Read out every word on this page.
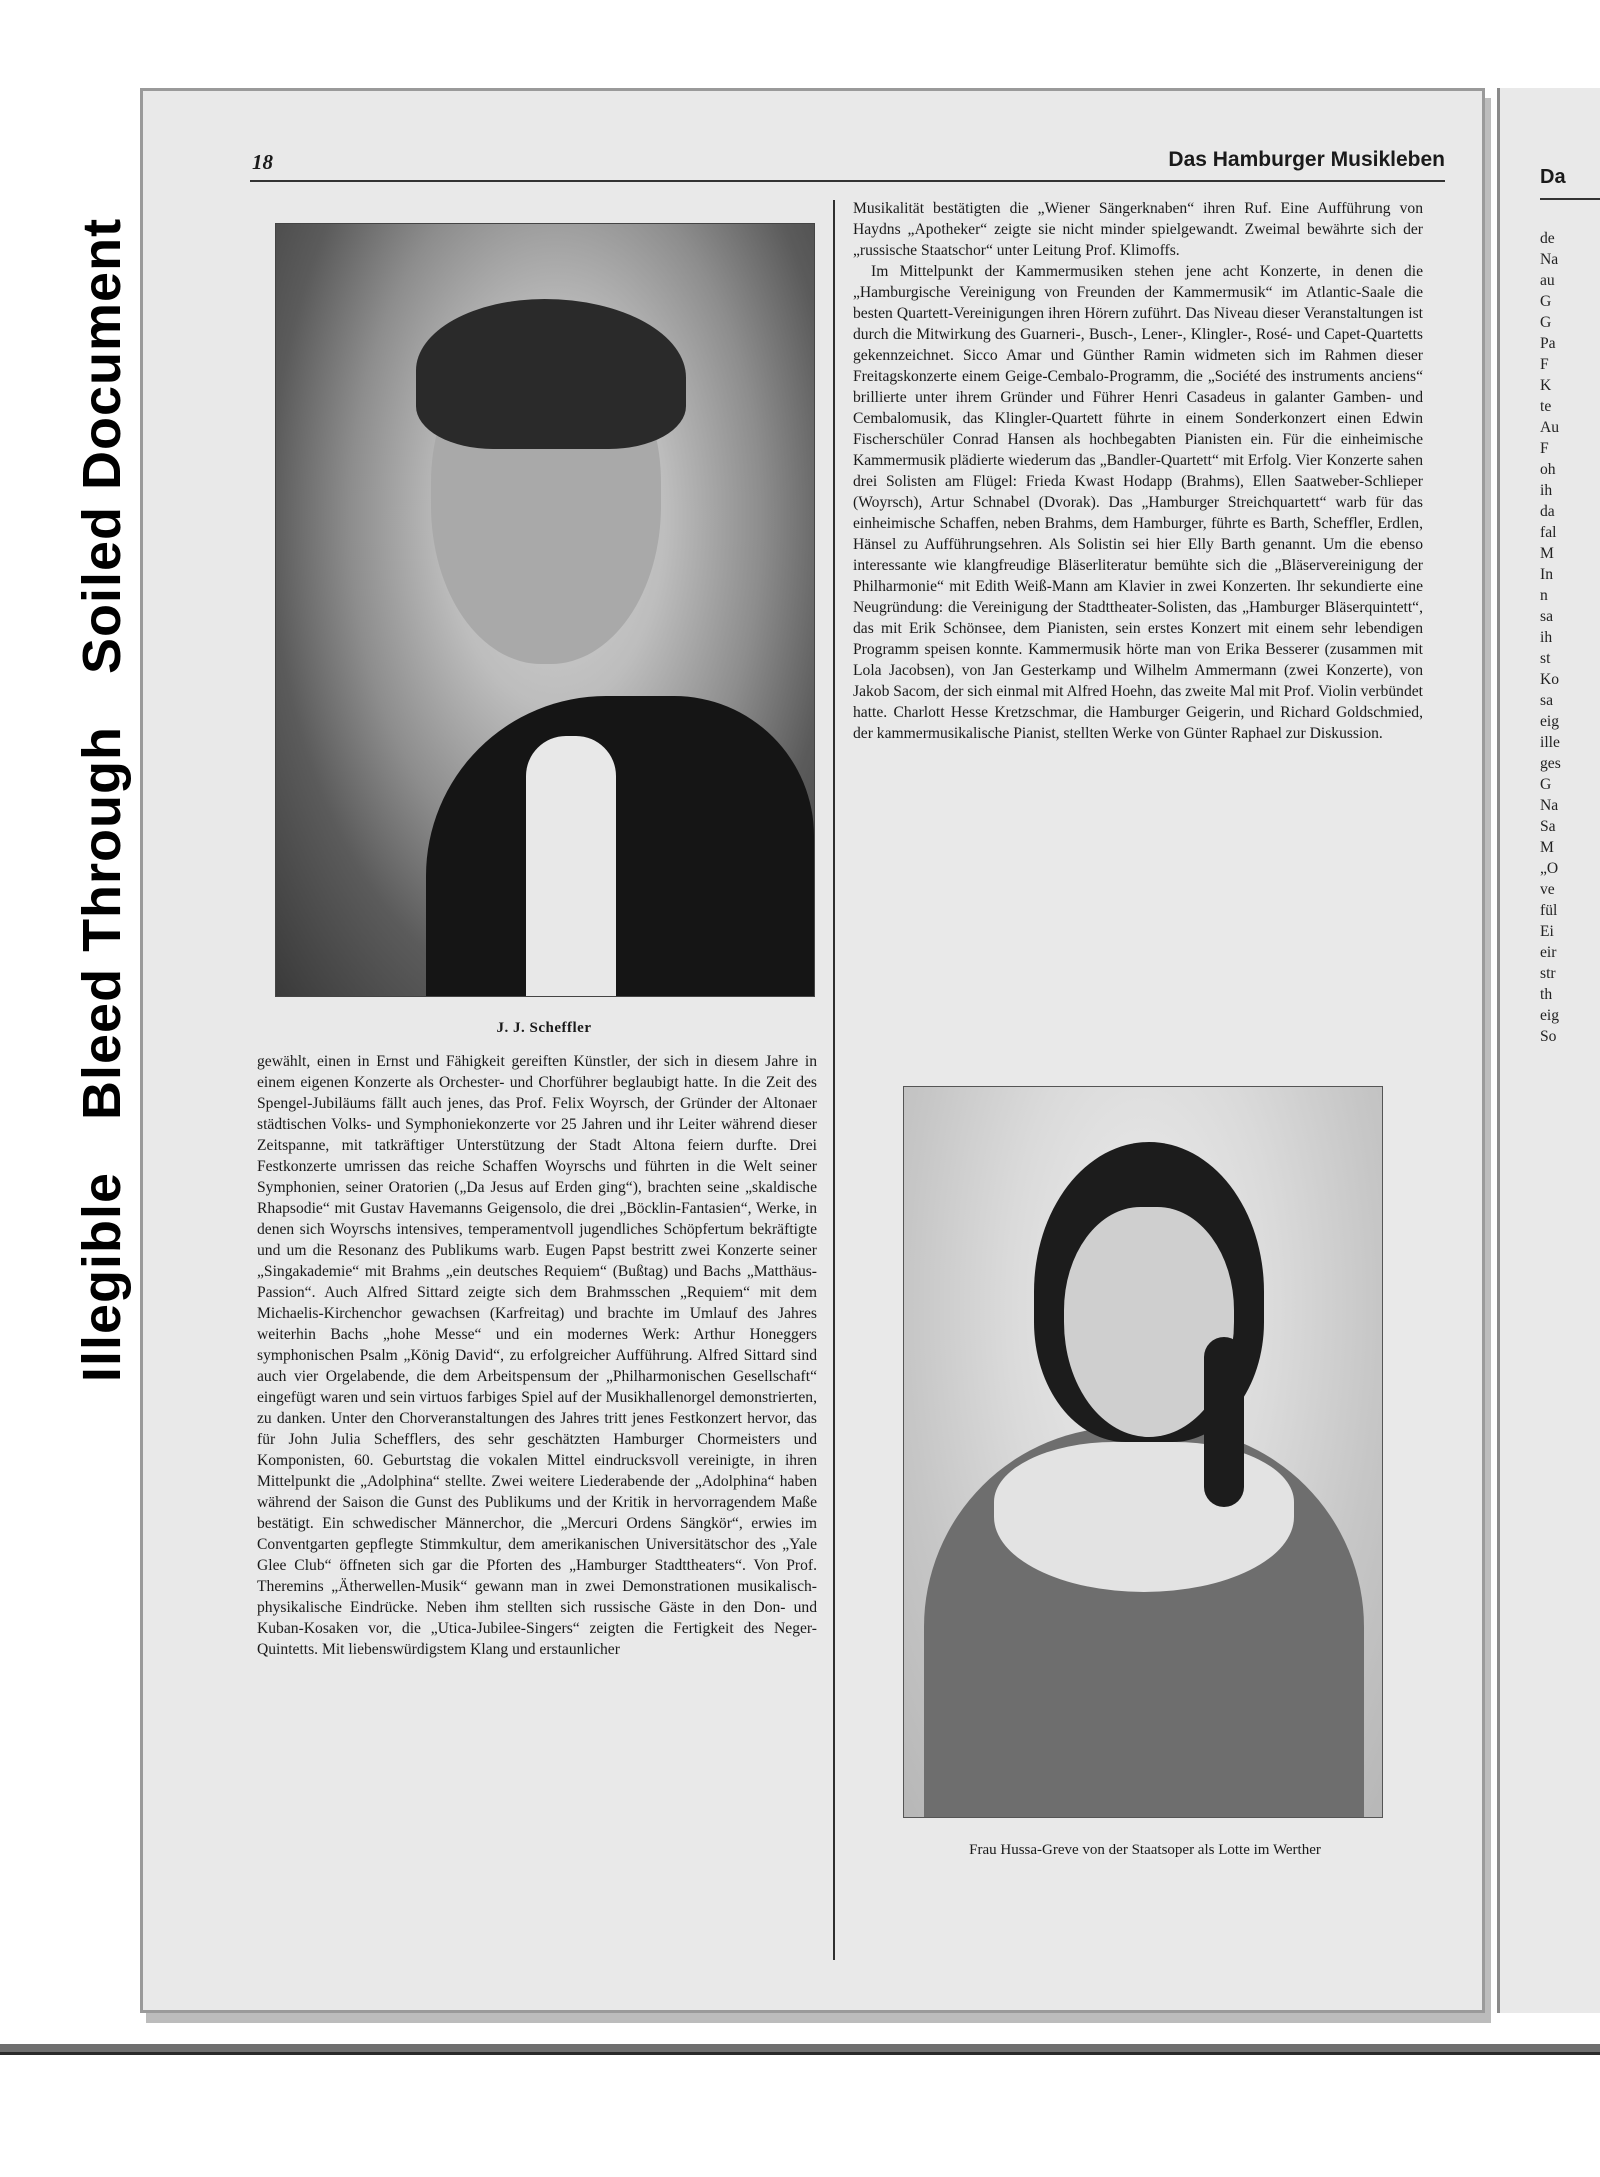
Illegible Bleed Through Soiled Document
18	Das Hamburger Musikleben
J. J. Scheffler

gewählt, einen in Ernst und Fähigkeit gereiften Künstler, der sich in diesem Jahre in einem eigenen Konzerte als Orchester- und Chorführer beglaubigt hatte. In die Zeit des Spengel-Jubiläums fällt auch jenes, das Prof. Felix Woyrsch, der Gründer der Altonaer städtischen Volks- und Symphoniekonzerte vor 25 Jahren und ihr Leiter während dieser Zeitspanne, mit tatkräftiger Unterstützung der Stadt Altona feiern durfte. Drei Festkonzerte umrissen das reiche Schaffen Woyrschs und führten in die Welt seiner Symphonien, seiner Oratorien („Da Jesus auf Erden ging“), brachten seine „skaldische Rhapsodie“ mit Gustav Havemanns Geigensolo, die drei „Böcklin-Fantasien“, Werke, in denen sich Woyrschs intensives, temperamentvoll jugendliches Schöpfertum bekräftigte und um die Resonanz des Publikums warb. Eugen Papst bestritt zwei Konzerte seiner „Singakademie“ mit Brahms „ein deutsches Requiem“ (Bußtag) und Bachs „Matthäus-Passion“. Auch Alfred Sittard zeigte sich dem Brahmsschen „Requiem“ mit dem Michaelis-Kirchenchor gewachsen (Karfreitag) und brachte im Umlauf des Jahres weiterhin Bachs „hohe Messe“ und ein modernes Werk: Arthur Honeggers symphonischen Psalm „König David“, zu erfolgreicher Aufführung. Alfred Sittard sind auch vier Orgelabende, die dem Arbeitspensum der „Philharmonischen Gesellschaft“ eingefügt waren und sein virtuos farbiges Spiel auf der Musikhallenorgel demonstrierten, zu danken. Unter den Chorveranstaltungen des Jahres tritt jenes Festkonzert hervor, das für John Julia Schefflers, des sehr geschätzten Hamburger Chormeisters und Komponisten, 60. Geburtstag die vokalen Mittel eindrucksvoll vereinigte, in ihren Mittelpunkt die „Adolphina“ stellte. Zwei weitere Liederabende der „Adolphina“ haben während der Saison die Gunst des Publikums und der Kritik in hervorragendem Maße bestätigt. Ein schwedischer Männerchor, die „Mercuri Ordens Sängkör“, erwies im Conventgarten gepflegte Stimmkultur, dem amerikanischen Universitätschor des „Yale Glee Club“ öffneten sich gar die Pforten des „Hamburger Stadttheaters“. Von Prof. Theremins „Ätherwellen-Musik“ gewann man in zwei Demonstrationen musikalisch-physikalische Eindrücke. Neben ihm stellten sich russische Gäste in den Don- und Kuban-Kosaken vor, die „Utica-Jubilee-Singers“ zeigten die Fertigkeit des Neger-Quintetts. Mit liebenswürdigstem Klang und erstaunlicher

Musikalität bestätigten die „Wiener Sängerknaben“ ihren Ruf. Eine Aufführung von Haydns „Apotheker“ zeigte sie nicht minder spielgewandt. Zweimal bewährte sich der „russische Staatschor“ unter Leitung Prof. Klimoffs.

Im Mittelpunkt der Kammermusiken stehen jene acht Konzerte, in denen die „Hamburgische Vereinigung von Freunden der Kammermusik“ im Atlantic-Saale die besten Quartett-Vereinigungen ihren Hörern zuführt. Das Niveau dieser Veranstaltungen ist durch die Mitwirkung des Guarneri-, Busch-, Lener-, Klingler-, Rosé- und Capet-Quartetts gekennzeichnet. Sicco Amar und Günther Ramin widmeten sich im Rahmen dieser Freitagskonzerte einem Geige-Cembalo-Programm, die „Société des instruments anciens“ brillierte unter ihrem Gründer und Führer Henri Casadeus in galanter Gamben- und Cembalomusik, das Klingler-Quartett führte in einem Sonderkonzert einen Edwin Fischerschüler Conrad Hansen als hochbegabten Pianisten ein. Für die einheimische Kammermusik plädierte wiederum das „Bandler-Quartett“ mit Erfolg. Vier Konzerte sahen drei Solisten am Flügel: Frieda Kwast Hodapp (Brahms), Ellen Saatweber-Schlieper (Woyrsch), Artur Schnabel (Dvorak). Das „Hamburger Streichquartett“ warb für das einheimische Schaffen, neben Brahms, dem Hamburger, führte es Barth, Scheffler, Erdlen, Hänsel zu Aufführungsehren. Als Solistin sei hier Elly Barth genannt. Um die ebenso interessante wie klangfreudige Bläserliteratur bemühte sich die „Bläservereinigung der Philharmonie“ mit Edith Weiß-Mann am Klavier in zwei Konzerten. Ihr sekundierte eine Neugründung: die Vereinigung der Stadttheater-Solisten, das „Hamburger Bläserquintett“, das mit Erik Schönsee, dem Pianisten, sein erstes Konzert mit einem sehr lebendigen Programm speisen konnte. Kammermusik hörte man von Erika Besserer (zusammen mit Lola Jacobsen), von Jan Gesterkamp und Wilhelm Ammermann (zwei Konzerte), von Jakob Sacom, der sich einmal mit Alfred Hoehn, das zweite Mal mit Prof. Violin verbündet hatte. Charlott Hesse Kretzschmar, die Hamburger Geigerin, und Richard Goldschmied, der kammermusikalische Pianist, stellten Werke von Günter Raphael zur Diskussion.

Frau Hussa-Greve von der Staatsoper als Lotte im Werther
Da
de
Na
au
G
G
Pa
F
K
te
Au
F
oh
ih
da
fal
M
In
n
sa
ih
st
Ko
sa
eig
ille
ges
G
Na
Sa
M
„O
ve
fül
Ei
eir
str
th
eig
So
